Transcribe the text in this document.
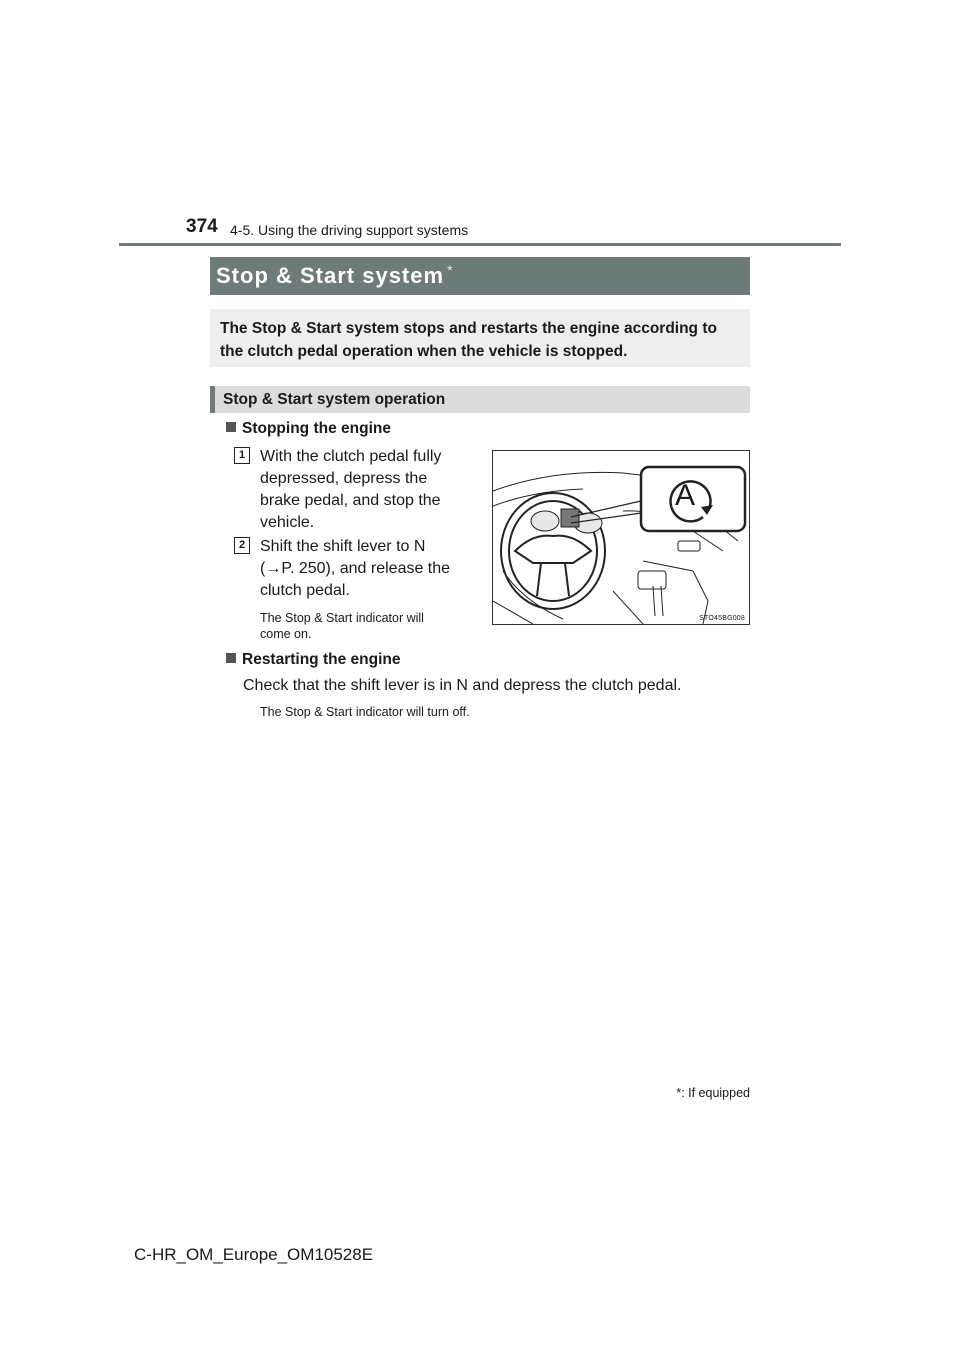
374 4-5. Using the driving support systems
Stop & Start system *
The Stop & Start system stops and restarts the engine according to the clutch pedal operation when the vehicle is stopped.
Stop & Start system operation
Stopping the engine
1 With the clutch pedal fully
depressed, depress the
brake pedal, and stop the
vehicle.
2 Shift the shift lever to N
(→P. 250), and release the
clutch pedal.
The Stop & Start indicator will
come on.
A
STO45BG008
Restarting the engine
Check that the shift lever is in N and depress the clutch pedal.
The Stop & Start indicator will turn off.
*: If equipped
C-HR_OM_Europe_OM10528E
